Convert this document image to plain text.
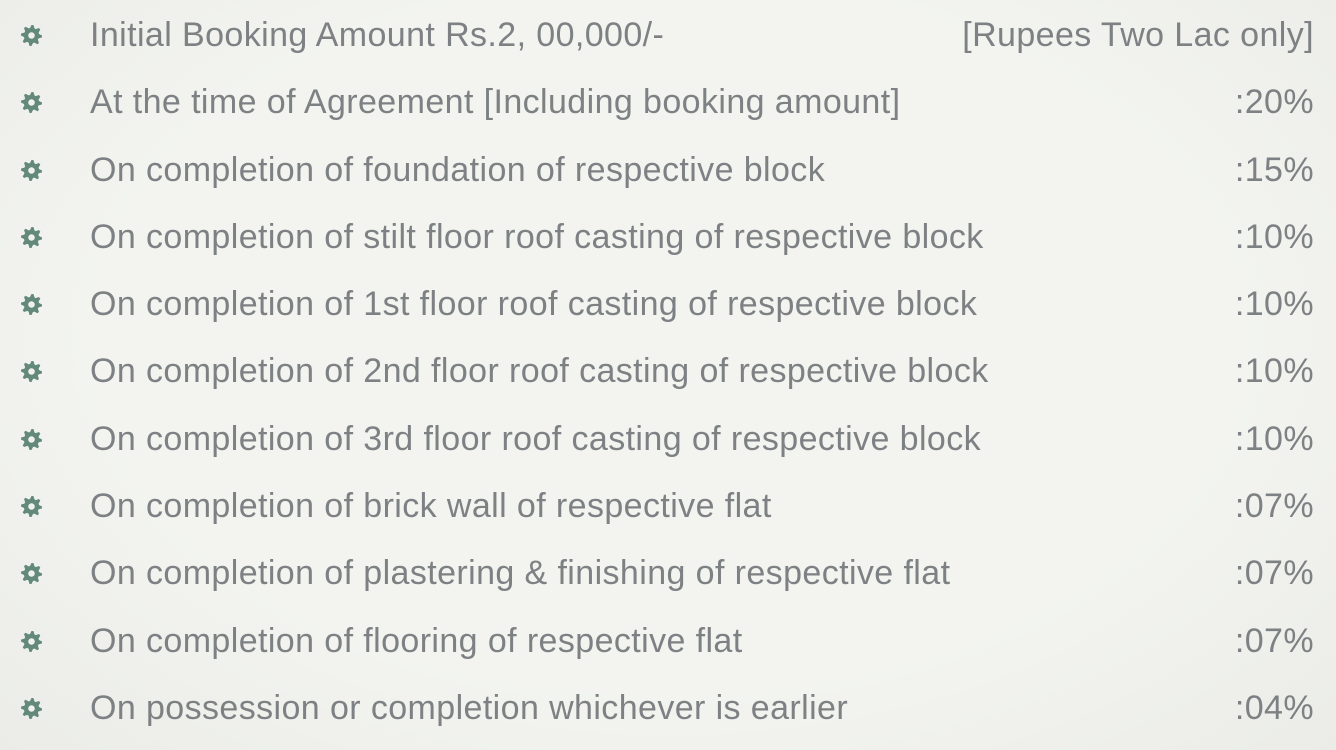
Initial Booking Amount Rs.2, 00,000/-	[Rupees Two Lac only]
At the time of Agreement [Including booking amount]	:20%
On completion of foundation of respective block	:15%
On completion of stilt floor roof casting of respective block	:10%
On completion of 1st floor roof casting of respective block	:10%
On completion of 2nd floor roof casting of respective block	:10%
On completion of 3rd floor roof casting of respective block	:10%
On completion of brick wall of respective flat	:07%
On completion of plastering & finishing of respective flat	:07%
On completion of flooring of respective flat	:07%
On possession or completion whichever is earlier	:04%
